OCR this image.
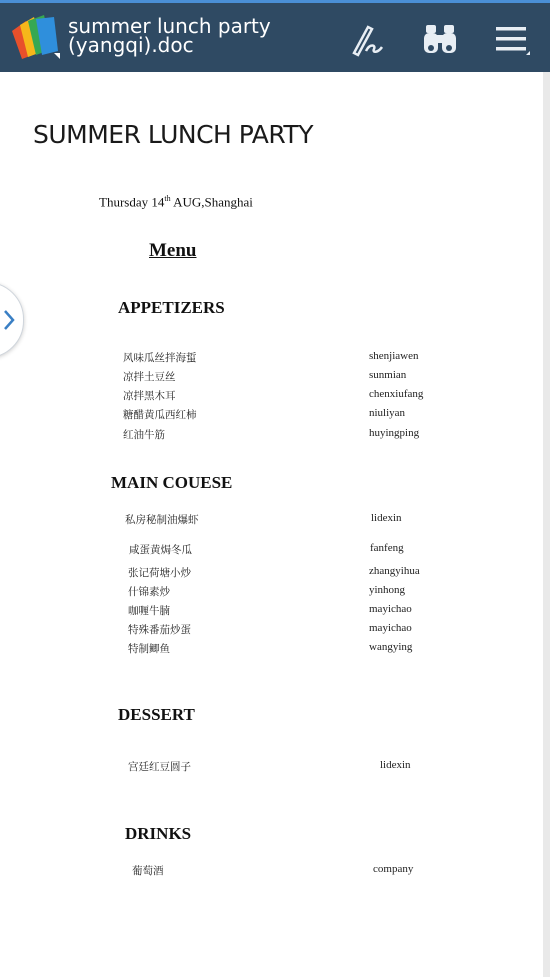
summer lunch party
(yangqi).doc
SUMMER LUNCH PARTY
Thursday 14th AUG,Shanghai
Menu
APPETIZERS
风味瓜丝拌海蜇	shenjiawen
凉拌土豆丝	sunmian
凉拌黑木耳	chenxiufang
糖醋黄瓜西红柿	niuliyan
红油牛筋	huyingping
MAIN COUESE
私房秘制油爆虾	lidexin
咸蛋黄焗冬瓜	fanfeng
张记荷塘小炒	zhangyihua
什锦素炒	yinhong
咖喱牛腩	mayichao
特殊番茄炒蛋	mayichao
特制鲫鱼	wangying
DESSERT
宫廷红豆圆子	lidexin
DRINKS
葡萄酒	company
